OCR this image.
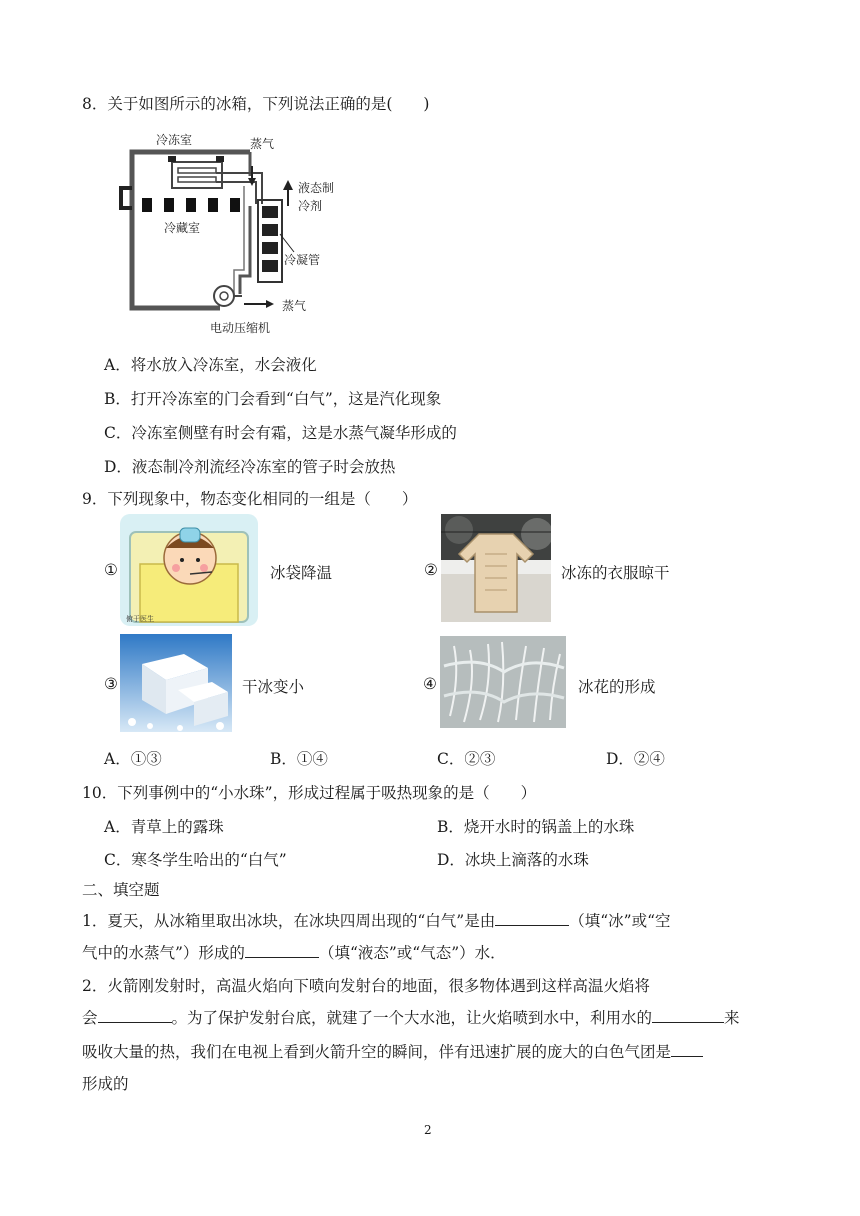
8．关于如图所示的冰箱，下列说法正确的是(　　)
冷冻室	蒸气
液态制
冷剂
冷藏室
冷凝管
蒸气
电动压缩机
A．将水放入冷冻室，水会液化
B．打开冷冻室的门会看到“白气”，这是汽化现象
C．冷冻室侧壁有时会有霜，这是水蒸气凝华形成的
D．液态制冷剂流经冷冻室的管子时会放热
9．下列现象中，物态变化相同的一组是（　　）
①
俯于医生
冰袋降温	②	冰冻的衣服晾干
③	干冰变小	④	冰花的形成
A．①③	B．①④	C．②③	D．②④
10．下列事例中的“小水珠”，形成过程属于吸热现象的是（　　）
A．青草上的露珠	B．烧开水时的锅盖上的水珠
C．寒冬学生哈出的“白气”	D．冰块上滴落的水珠
二、填空题
1．夏天，从冰箱里取出冰块，在冰块四周出现的“白气”是由	（填“冰”或“空
气中的水蒸气”）形成的	（填“液态”或“气态”）水．
2．火箭刚发射时，高温火焰向下喷向发射台的地面，很多物体遇到这样高温火焰将
会	。为了保护发射台底，就建了一个大水池，让火焰喷到水中，利用水的	来
吸收大量的热，我们在电视上看到火箭升空的瞬间，伴有迅速扩展的庞大的白色气团是
形成的
2
